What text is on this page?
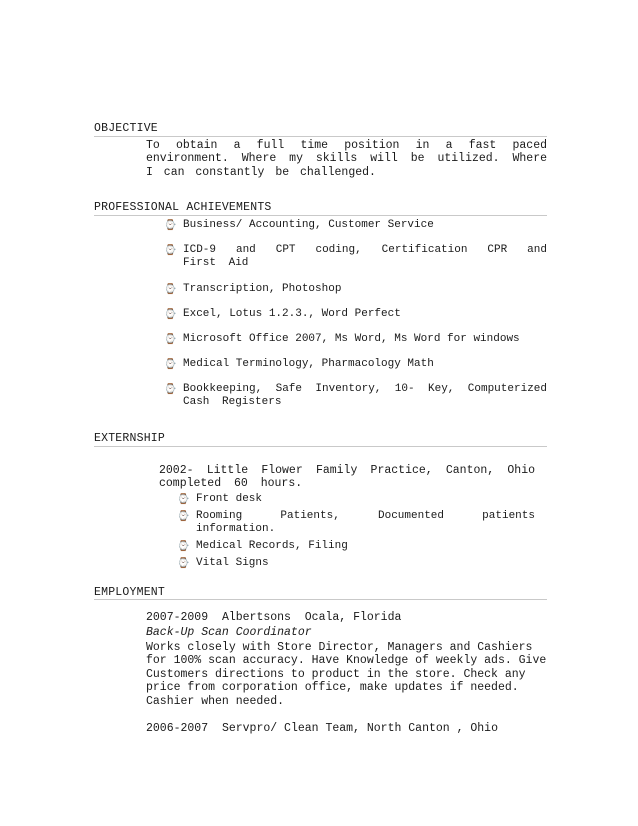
OBJECTIVE
To obtain a full time position in a fast paced environment. Where my skills will be utilized. Where I can constantly be challenged.
PROFESSIONAL ACHIEVEMENTS
⌚ Business/ Accounting, Customer Service
⌚ ICD-9 and CPT coding, Certification CPR and First Aid
⌚ Transcription, Photoshop
⌚ Excel, Lotus 1.2.3., Word Perfect
⌚ Microsoft Office 2007, Ms Word, Ms Word for windows
⌚ Medical Terminology, Pharmacology Math
⌚ Bookkeeping, Safe Inventory, 10- Key, Computerized Cash Registers
EXTERNSHIP
2002- Little Flower Family Practice, Canton, Ohio completed 60 hours.
⌚ Front desk
⌚ Rooming Patients, Documented patients information.
⌚ Medical Records, Filing
⌚ Vital Signs
EMPLOYMENT
2007-2009 Albertsons Ocala, Florida
Back-Up Scan Coordinator
Works closely with Store Director, Managers and Cashiers for 100% scan accuracy. Have Knowledge of weekly ads. Give Customers directions to product in the store. Check any price from corporation office, make updates if needed. Cashier when needed.
2006-2007 Servpro/ Clean Team, North Canton , Ohio
